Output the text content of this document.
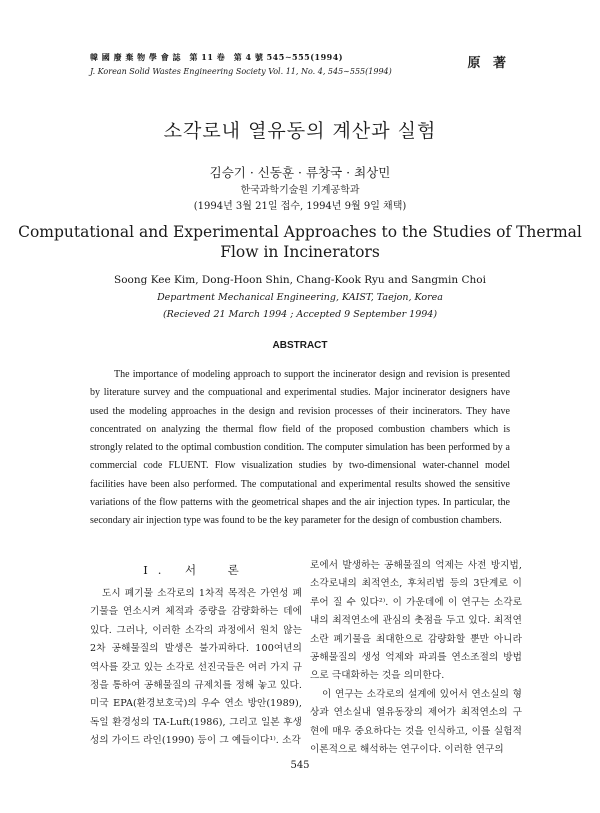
韓 國 廢 棄 物 學 會 誌　第 11 卷　第 4 號 545∼555(1994)
J. Korean Solid Wastes Engineering Society Vol. 11, No. 4, 545∼555(1994)
原 著
소각로내 열유동의 계산과 실험
김승기 · 신동훈 · 류창국 · 최상민
한국과학기술원 기계공학과
(1994년 3월 21일 접수, 1994년 9월 9일 채택)
Computational and Experimental Approaches to the Studies of Thermal Flow in Incinerators
Soong Kee Kim, Dong-Hoon Shin, Chang-Kook Ryu and Sangmin Choi
Department Mechanical Engineering, KAIST, Taejon, Korea
(Recieved 21 March 1994 ; Accepted 9 September 1994)
ABSTRACT
The importance of modeling approach to support the incinerator design and revision is presented by literature survey and the compuational and experimental studies. Major incinerator designers have used the modeling approaches in the design and revision processes of their incinerators. They have concentrated on analyzing the thermal flow field of the proposed combustion chambers which is strongly related to the optimal combustion condition. The computer simulation has been performed by a commercial code FLUENT. Flow visualization studies by two-dimensional water-channel model facilities have been also performed. The computational and experimental results showed the sensitive variations of the flow patterns with the geometrical shapes and the air injection types. In particular, the secondary air injection type was found to be the key parameter for the design of combustion chambers.
I. 서　론

도시 폐기물 소각로의 1차적 목적은 가연성 폐기물을 연소시켜 체적과 중량을 감량화하는 데에 있다. 그러나, 이러한 소각의 과정에서 원치 않는 2차 공해물질의 발생은 불가피하다. 100여년의 역사를 갖고 있는 소각로 선진국들은 여러 가지 규정을 통하여 공해물질의 규제치를 정해 놓고 있다. 미국 EPA(환경보호국)의 우수 연소 방안(1989), 독일 환경성의 TA-Luft(1986), 그리고 일본 후생성의 가이드 라인(1990) 등이 그 예들이다¹⁾. 소각

로에서 발생하는 공해물질의 억제는 사전 방지법, 소각로내의 최적연소, 후처리법 등의 3단계로 이루어 질 수 있다²⁾. 이 가운데에 이 연구는 소각로내의 최적연소에 관심의 촛점을 두고 있다. 최적연소란 폐기물을 최대한으로 감량화할 뿐만 아니라 공해물질의 생성 억제와 파괴를 연소조절의 방법으로 극대화하는 것을 의미한다.

이 연구는 소각로의 설계에 있어서 연소실의 형상과 연소실내 열유동장의 제어가 최적연소의 구현에 매우 중요하다는 것을 인식하고, 이를 실험적 이론적으로 해석하는 연구이다. 이러한 연구의

545
